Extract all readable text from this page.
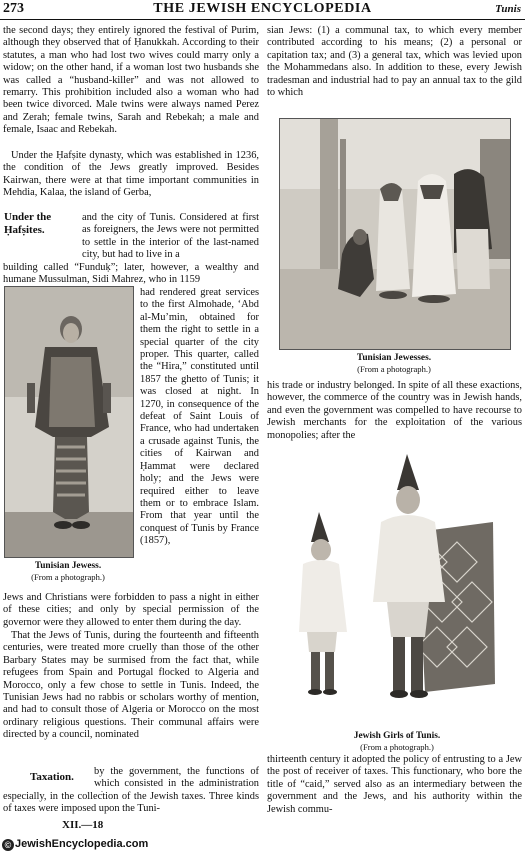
273	THE JEWISH ENCYCLOPEDIA	Tunis

the second days; they entirely ignored the festival of Purim, although they observed that of Ḥanukkah. According to their statutes, a man who had lost two wives could marry only a widow; on the other hand, if a woman lost two husbands she was called a “husband-killer” and was not allowed to remarry. This prohibition included also a woman who had been twice divorced. Male twins were always named Perez and Zerah; female twins, Sarah and Rebekah; a male and female, Isaac and Rebekah.

Under the Ḥafṣite dynasty, which was established in 1236, the condition of the Jews greatly improved. Besides Kairwan, there were at that time important communities in Mehdia, Kalaa, the island of Gerba,

Under the Ḥafṣites.

and the city of Tunis. Considered at first as foreigners, the Jews were not permitted to settle in the interior of the last-named city, but had to live in a

building called “Funduḳ”; later, however, a wealthy and humane Mussulman, Sidi Mahrez, who in 1159

Tunisian Jewess.
(From a photograph.)

had rendered great services to the first Almohade, ‘Abd al-Mu’min, obtained for them the right to settle in a special quarter of the city proper. This quarter, called the “Hira,” constituted until 1857 the ghetto of Tunis; it was closed at night. In 1270, in consequence of the defeat of Saint Louis of France, who had undertaken a crusade against Tunis, the cities of Kairwan and Ḥammat were declared holy; and the Jews were required either to leave them or to embrace Islam. From that year until the conquest of Tunis by France (1857),

Jews and Christians were forbidden to pass a night in either of these cities; and only by special permission of the governor were they allowed to enter them during the day.

That the Jews of Tunis, during the fourteenth and fifteenth centuries, were treated more cruelly than those of the other Barbary States may be surmised from the fact that, while refugees from Spain and Portugal flocked to Algeria and Morocco, only a few chose to settle in Tunis. Indeed, the Tunisian Jews had no rabbis or scholars worthy of mention, and had to consult those of Algeria or Morocco on the most ordinary religious questions. Their communal affairs were directed by a council, nominated

Taxation.	by the government, the functions of which consisted in the administration

especially, in the collection of the Jewish taxes. Three kinds of taxes were imposed upon the Tuni-

XII.—18

sian Jews: (1) a communal tax, to which every member contributed according to his means; (2) a personal or capitation tax; and (3) a general tax, which was levied upon the Mohammedans also. In addition to these, every Jewish tradesman and industrial had to pay an annual tax to the gild to which

Tunisian Jewesses.
(From a photograph.)

his trade or industry belonged. In spite of all these exactions, however, the commerce of the country was in Jewish hands, and even the government was compelled to have recourse to Jewish merchants for the exploitation of the various monopolies; after the

Jewish Girls of Tunis.
(From a photograph.)

thirteenth century it adopted the policy of entrusting to a Jew the post of receiver of taxes. This functionary, who bore the title of “caid,” served also as an intermediary between the government and the Jews, and his authority within the Jewish commu-

© JewishEncyclopedia.com
